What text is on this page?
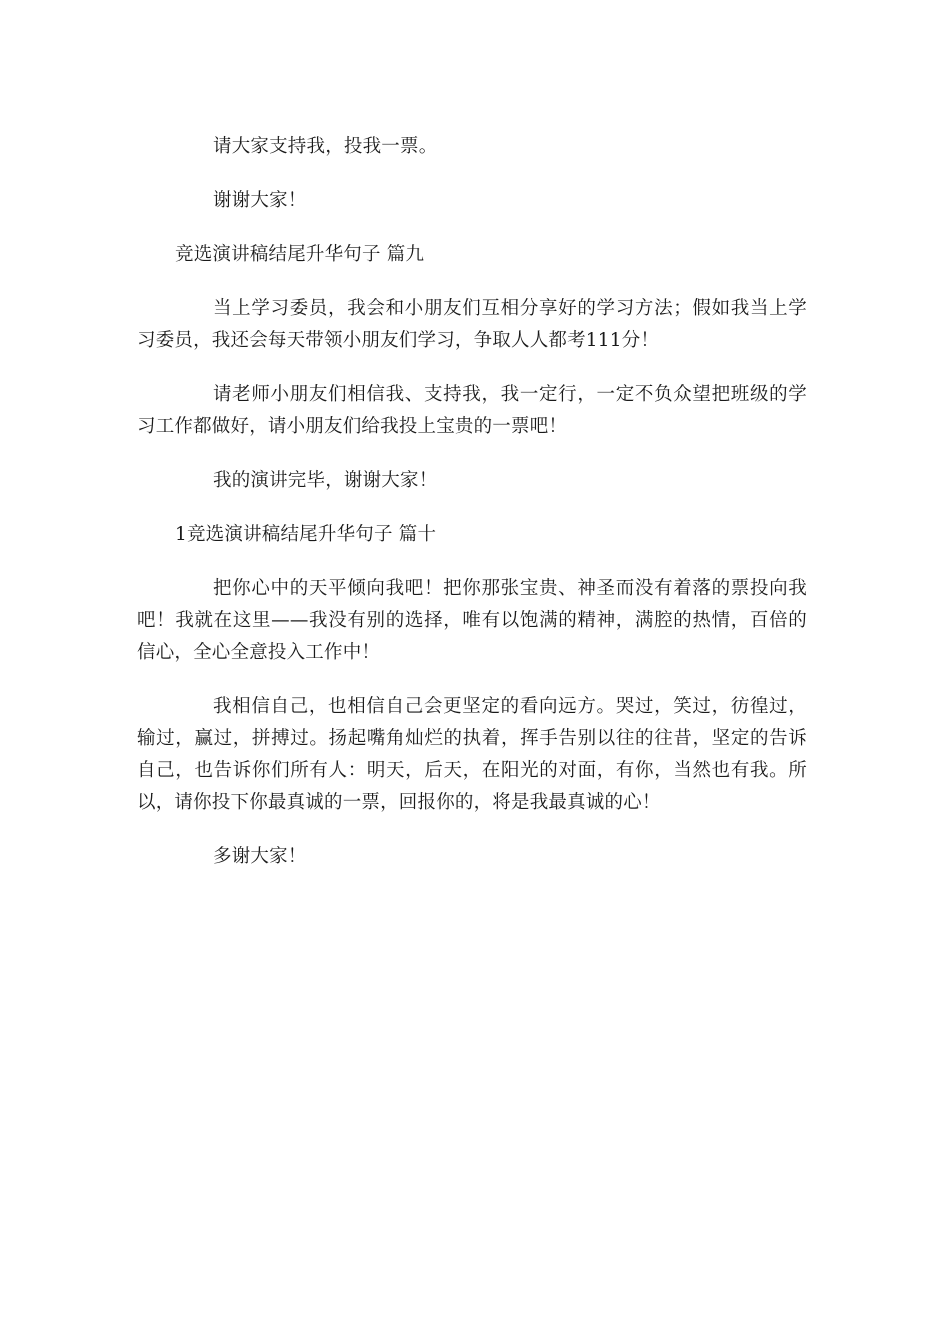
请大家支持我，投我一票。

谢谢大家！

竞选演讲稿结尾升华句子 篇九

当上学习委员，我会和小朋友们互相分享好的学习方法；假如我当上学习委员，我还会每天带领小朋友们学习，争取人人都考111分！

请老师小朋友们相信我、支持我，我一定行，一定不负众望把班级的学习工作都做好，请小朋友们给我投上宝贵的一票吧！

我的演讲完毕，谢谢大家！

1竞选演讲稿结尾升华句子 篇十

把你心中的天平倾向我吧！把你那张宝贵、神圣而没有着落的票投向我吧！我就在这里——我没有别的选择，唯有以饱满的精神，满腔的热情，百倍的信心，全心全意投入工作中！

我相信自己，也相信自己会更坚定的看向远方。哭过，笑过，彷徨过，输过，赢过，拼搏过。扬起嘴角灿烂的执着，挥手告别以往的往昔，坚定的告诉自己，也告诉你们所有人：明天，后天，在阳光的对面，有你，当然也有我。所以，请你投下你最真诚的一票，回报你的，将是我最真诚的心！

多谢大家！
